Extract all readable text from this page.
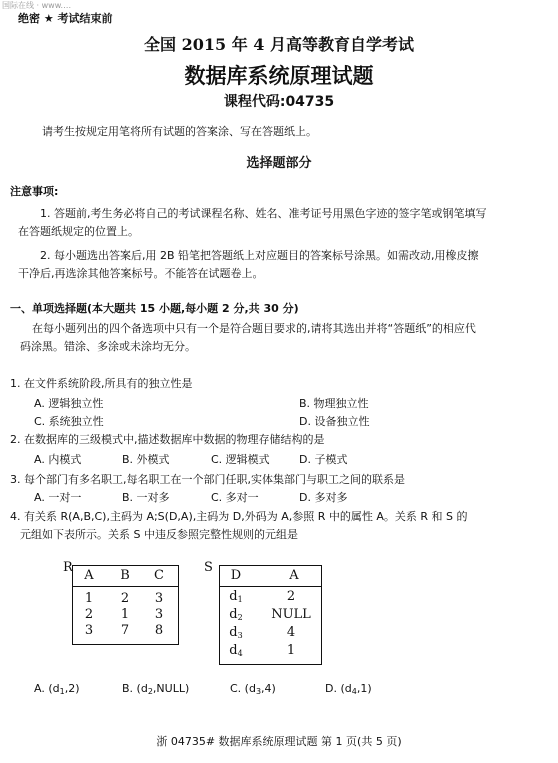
国际在线 · www.…
绝密 ★ 考试结束前
全国 2015 年 4 月高等教育自学考试
数据库系统原理试题
课程代码:04735
请考生按规定用笔将所有试题的答案涂、写在答题纸上。
选择题部分
注意事项:
1. 答题前,考生务必将自己的考试课程名称、姓名、准考证号用黑色字迹的签字笔或钢笔填写
在答题纸规定的位置上。
2. 每小题选出答案后,用 2B 铅笔把答题纸上对应题目的答案标号涂黑。如需改动,用橡皮擦
干净后,再选涂其他答案标号。不能答在试题卷上。
一、单项选择题(本大题共 15 小题,每小题 2 分,共 30 分)
在每小题列出的四个备选项中只有一个是符合题目要求的,请将其选出并将“答题纸”的相应代
码涂黑。错涂、多涂或未涂均无分。
1. 在文件系统阶段,所具有的独立性是
A. 逻辑独立性	B. 物理独立性
C. 系统独立性	D. 设备独立性
2. 在数据库的三级模式中,描述数据库中数据的物理存储结构的是
A. 内模式	B. 外模式	C. 逻辑模式	D. 子模式
3. 每个部门有多名职工,每名职工在一个部门任职,实体集部门与职工之间的联系是
A. 一对一	B. 一对多	C. 多对一	D. 多对多
4. 有关系 R(A,B,C),主码为 A;S(D,A),主码为 D,外码为 A,参照 R 中的属性 A。关系 R 和 S 的
元组如下表所示。关系 S 中违反参照完整性规则的元组是
R
A	B	C
1	2	3
2	1	3
3	7	8
S
D	A
$d_1$	2
$d_2$	NULL
$d_3$	4
$d_4$	1
A. $(d_1,2)$	B. $(d_2,NULL)$	C. $(d_3,4)$	D. $(d_4,1)$
浙 04735# 数据库系统原理试题 第 1 页(共 5 页)
